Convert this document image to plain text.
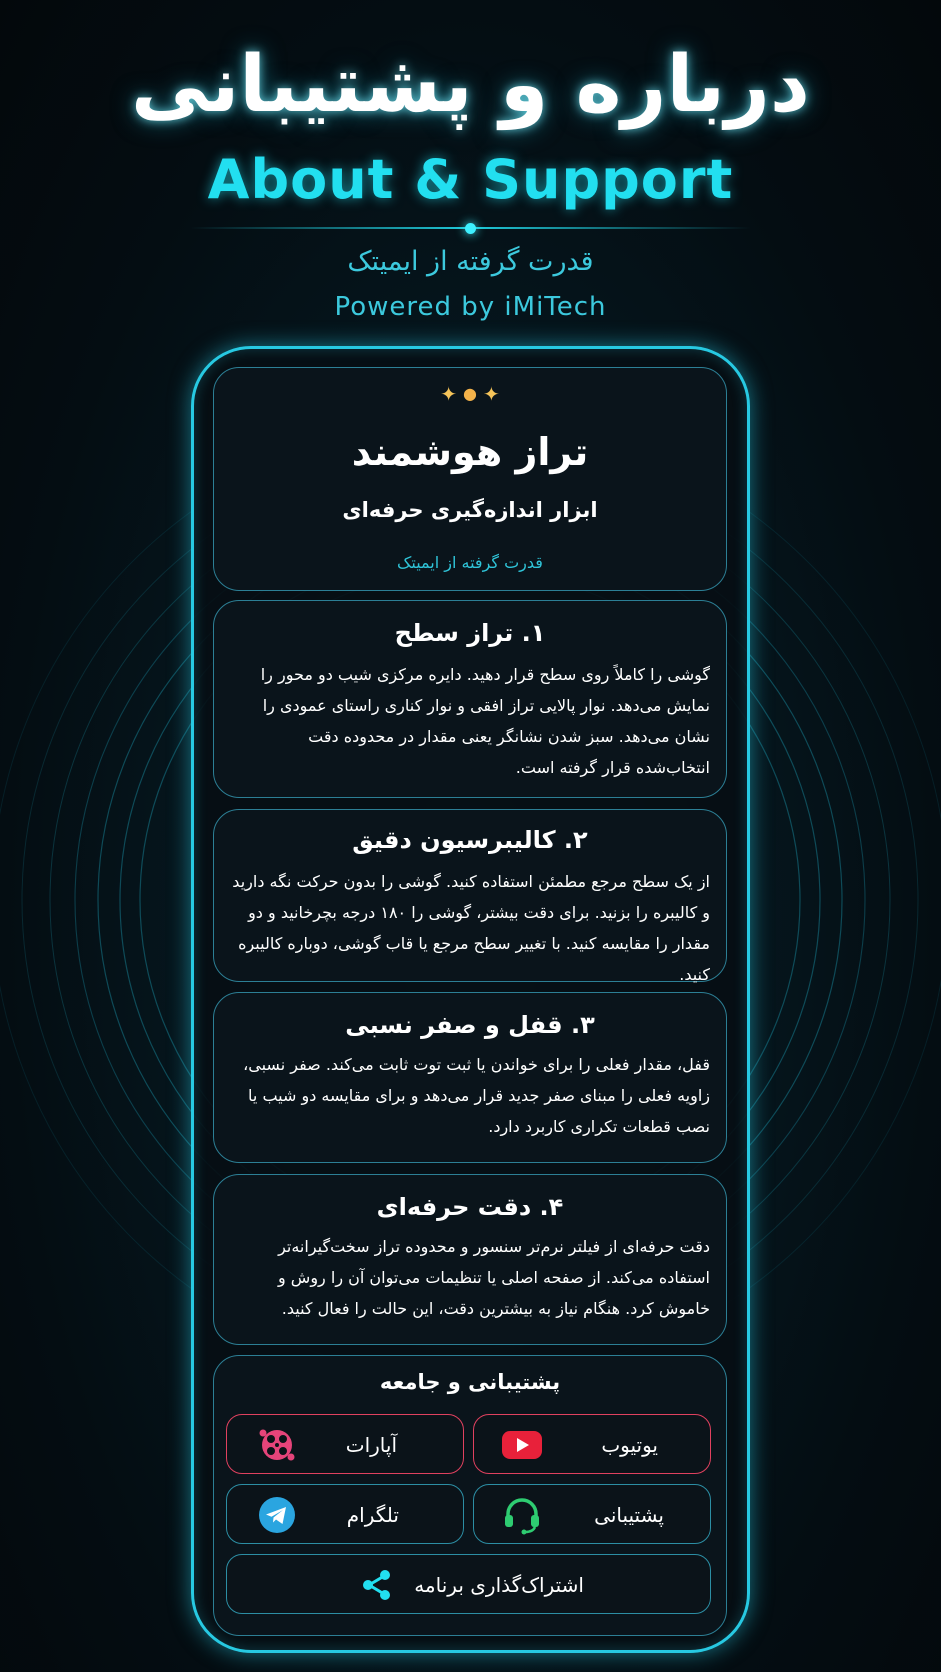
درباره و پشتیبانی
About & Support
قدرت گرفته از ایمیتک
Powered by iMiTech
✦ ● ✦
تراز هوشمند
ابزار اندازه‌گیری حرفه‌ای
قدرت گرفته از ایمیتک
۱. تراز سطح
گوشی را کاملاً روی سطح قرار دهید. دایره مرکزی شیب دو محور را نمایش می‌دهد. نوار پالایی تراز افقی و نوار کناری راستای عمودی را نشان می‌دهد. سبز شدن نشانگر یعنی مقدار در محدوده دقت انتخاب‌شده قرار گرفته است.
۲. کالیبرسیون دقیق
از یک سطح مرجع مطمئن استفاده کنید. گوشی را بدون حرکت نگه دارید و کالیبره را بزنید. برای دقت بیشتر، گوشی را ۱۸۰ درجه بچرخانید و دو مقدار را مقایسه کنید. با تغییر سطح مرجع یا قاب گوشی، دوباره کالیبره کنید.
۳. قفل و صفر نسبی
قفل، مقدار فعلی را برای خواندن یا ثبت توت ثابت می‌کند. صفر نسبی، زاویه فعلی را مبنای صفر جدید قرار می‌دهد و برای مقایسه دو شیب یا نصب قطعات تکراری کاربرد دارد.
۴. دقت حرفه‌ای
دقت حرفه‌ای از فیلتر نرم‌تر سنسور و محدوده تراز سخت‌گیرانه‌تر استفاده می‌کند. از صفحه اصلی یا تنظیمات می‌توان آن را روش و خاموش کرد. هنگام نیاز به بیشترین دقت، این حالت را فعال کنید.
پشتیبانی و جامعه
یوتیوب
آپارات
پشتیبانی
تلگرام
اشتراک‌گذاری برنامه
